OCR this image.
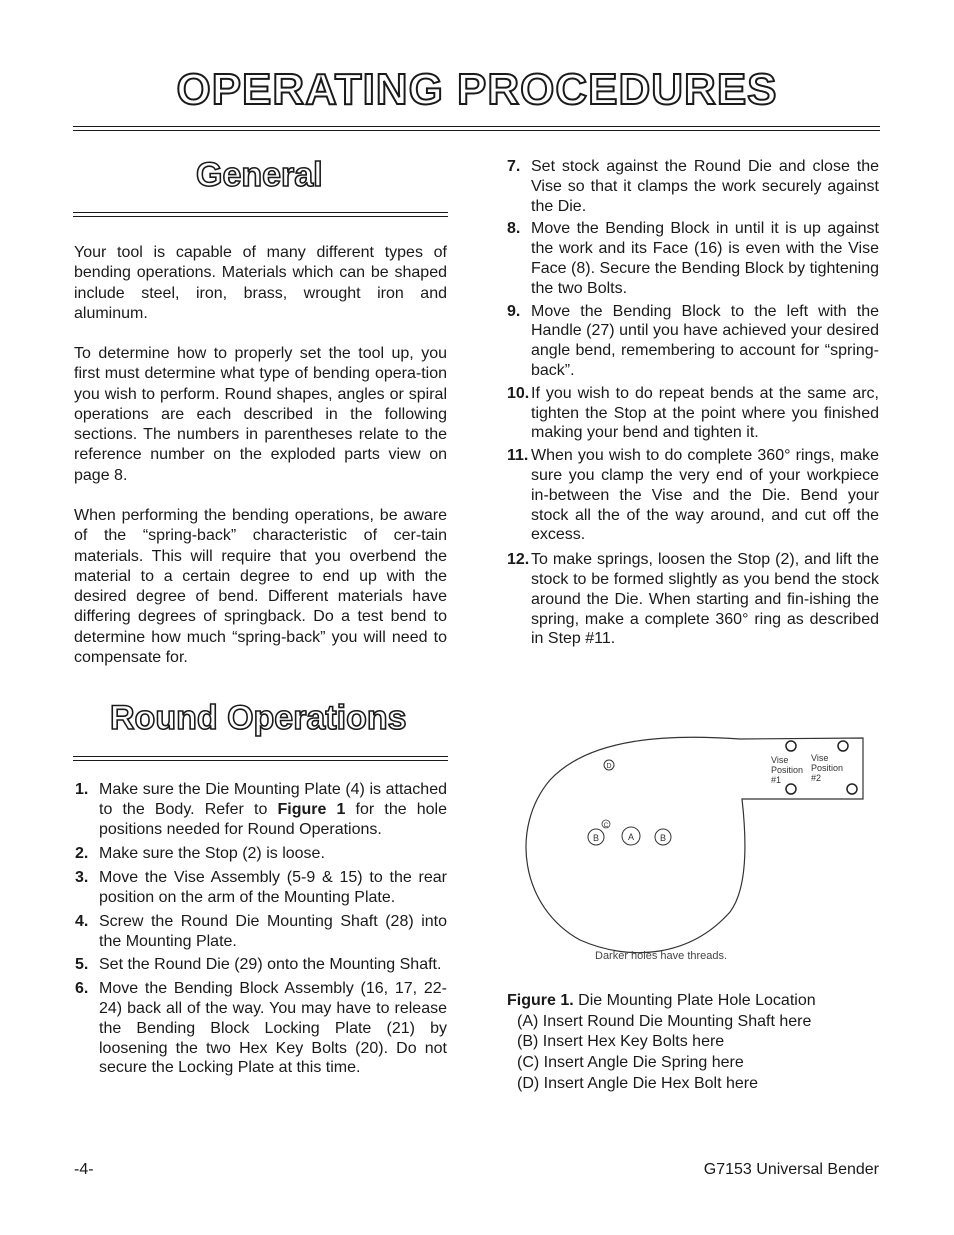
OPERATING PROCEDURES
General

Your tool is capable of many different types of bending operations. Materials which can be shaped include steel, iron, brass, wrought iron and aluminum.

To determine how to properly set the tool up, you first must determine what type of bending opera-tion you wish to perform. Round shapes, angles or spiral operations are each described in the following sections. The numbers in parentheses relate to the reference number on the exploded parts view on page 8.

When performing the bending operations, be aware of the “spring-back” characteristic of cer-tain materials. This will require that you overbend the material to a certain degree to end up with the desired degree of bend. Different materials have differing degrees of springback. Do a test bend to determine how much “spring-back” you will need to compensate for.

Round Operations
1. Make sure the Die Mounting Plate (4) is attached to the Body. Refer to Figure 1 for the hole positions needed for Round Operations.
2. Make sure the Stop (2) is loose.
3. Move the Vise Assembly (5-9 & 15) to the rear position on the arm of the Mounting Plate.
4. Screw the Round Die Mounting Shaft (28) into the Mounting Plate.
5. Set the Round Die (29) onto the Mounting Shaft.
6. Move the Bending Block Assembly (16, 17, 22-24) back all of the way. You may have to release the Bending Block Locking Plate (21) by loosening the two Hex Key Bolts (20). Do not secure the Locking Plate at this time.
7. Set stock against the Round Die and close the Vise so that it clamps the work securely against the Die.
8. Move the Bending Block in until it is up against the work and its Face (16) is even with the Vise Face (8). Secure the Bending Block by tightening the two Bolts.
9. Move the Bending Block to the left with the Handle (27) until you have achieved your desired angle bend, remembering to account for “spring-back”.
10. If you wish to do repeat bends at the same arc, tighten the Stop at the point where you finished making your bend and tighten it.
11. When you wish to do complete 360° rings, make sure you clamp the very end of your workpiece in-between the Vise and the Die. Bend your stock all the of the way around, and cut off the excess.
12. To make springs, loosen the Stop (2), and lift the stock to be formed slightly as you bend the stock around the Die. When starting and fin-ishing the spring, make a complete 360° ring as described in Step #11.
D
C
B	A	B
Vise
Position
#1
Vise
Position
#2
Darker holes have threads.
Figure 1. Die Mounting Plate Hole Location
(A) Insert Round Die Mounting Shaft here
(B) Insert Hex Key Bolts here
(C) Insert Angle Die Spring here
(D) Insert Angle Die Hex Bolt here

-4-	G7153 Universal Bender
